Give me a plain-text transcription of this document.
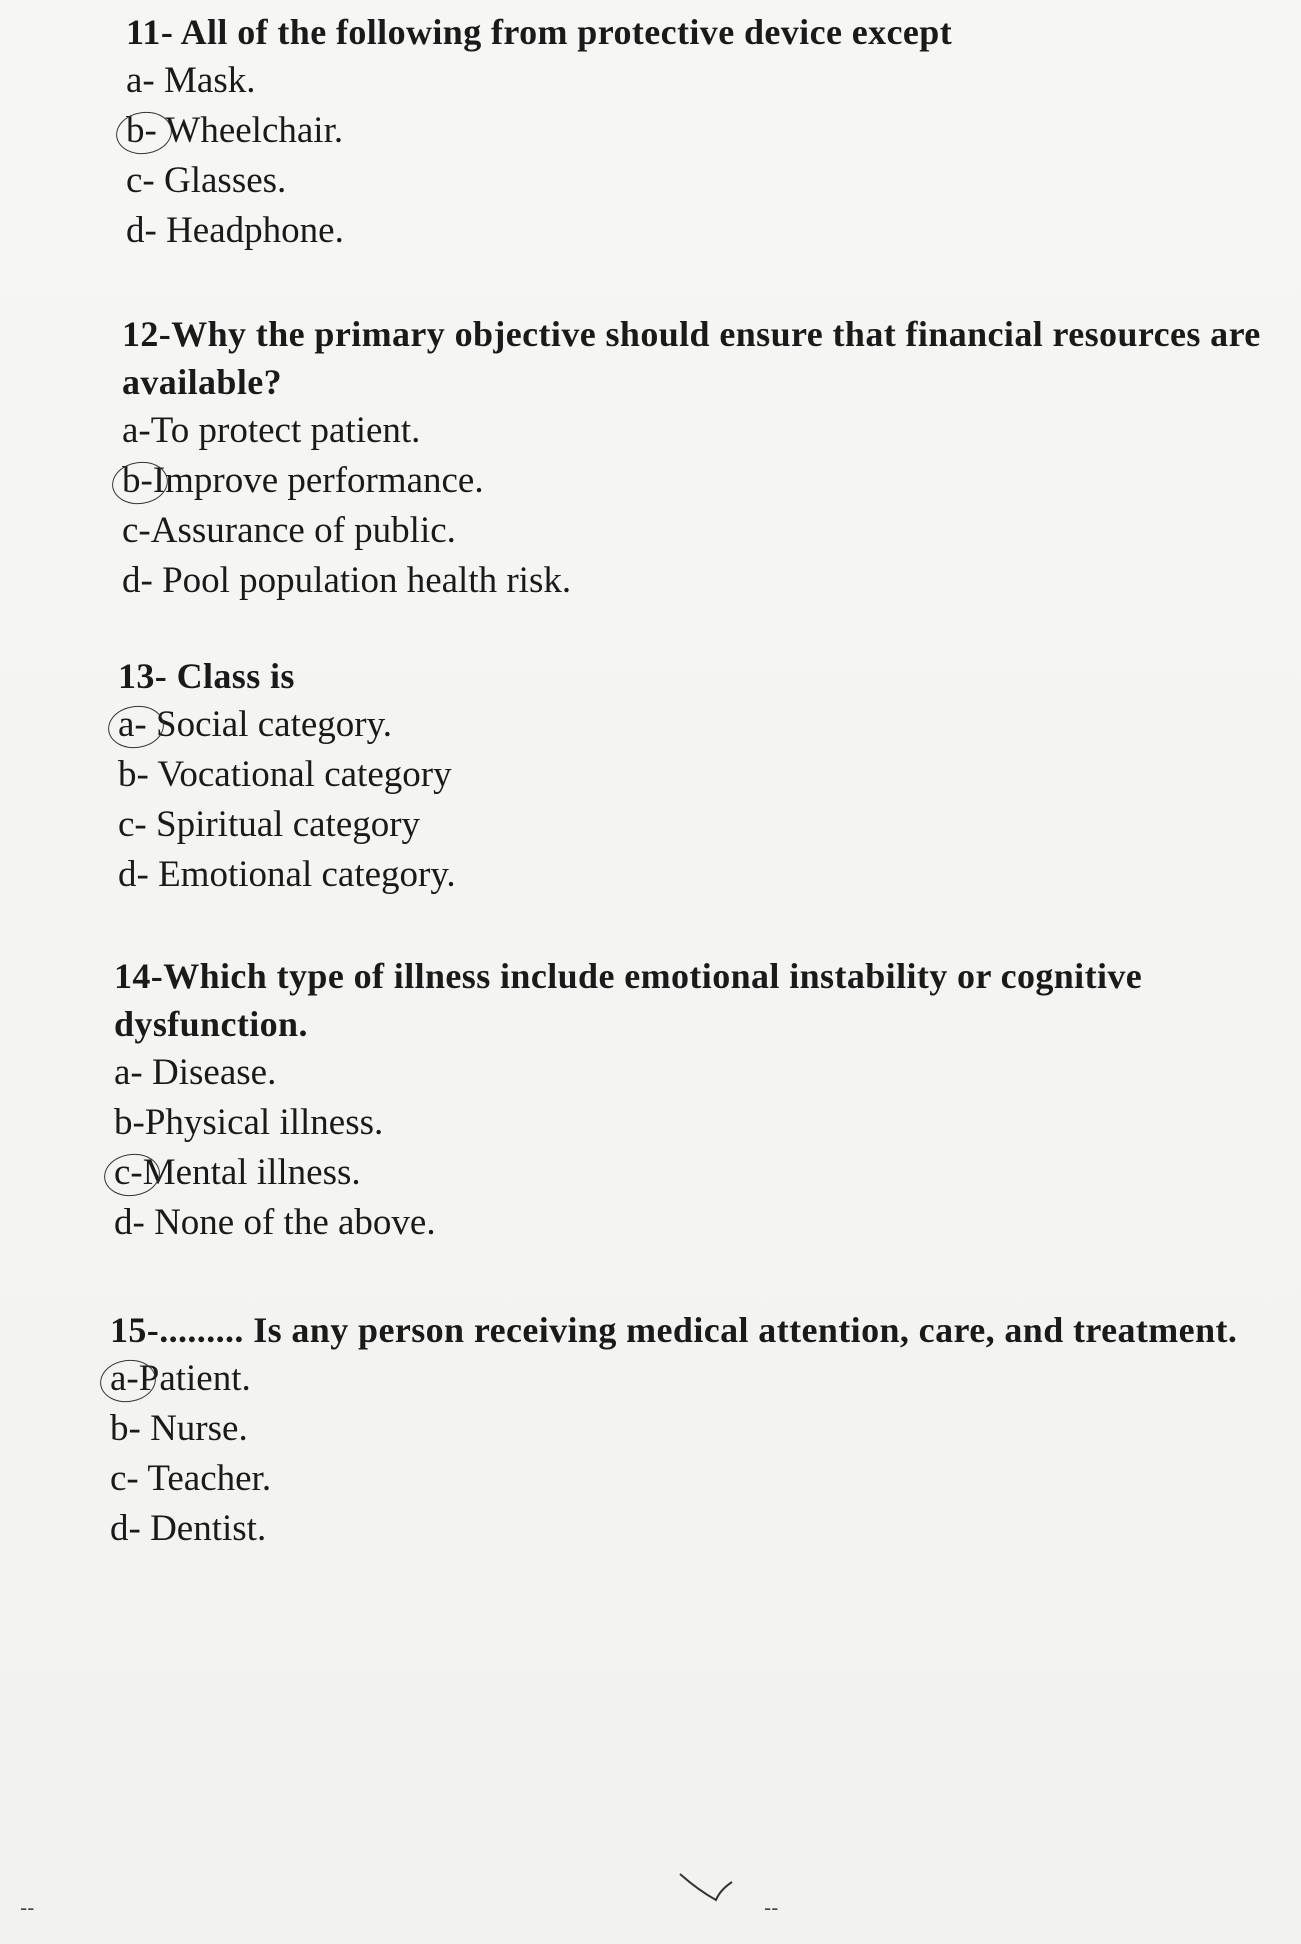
11- All of the following from protective device except

a- Mask.

b- Wheelchair.

c- Glasses.

d- Headphone.

12-Why the primary objective should ensure that financial resources are available?

a-To protect patient.

b-Improve performance.

c-Assurance of public.

d- Pool population health risk.

13- Class is

a- Social category.

b- Vocational category

c- Spiritual category

d- Emotional category.

14-Which type of illness include emotional instability or cognitive dysfunction.

a- Disease.

b-Physical illness.

c-Mental illness.

d- None of the above.

15-......... Is any person receiving medical attention, care, and treatment.

a-Patient.

b- Nurse.

c- Teacher.

d- Dentist.

--	--
